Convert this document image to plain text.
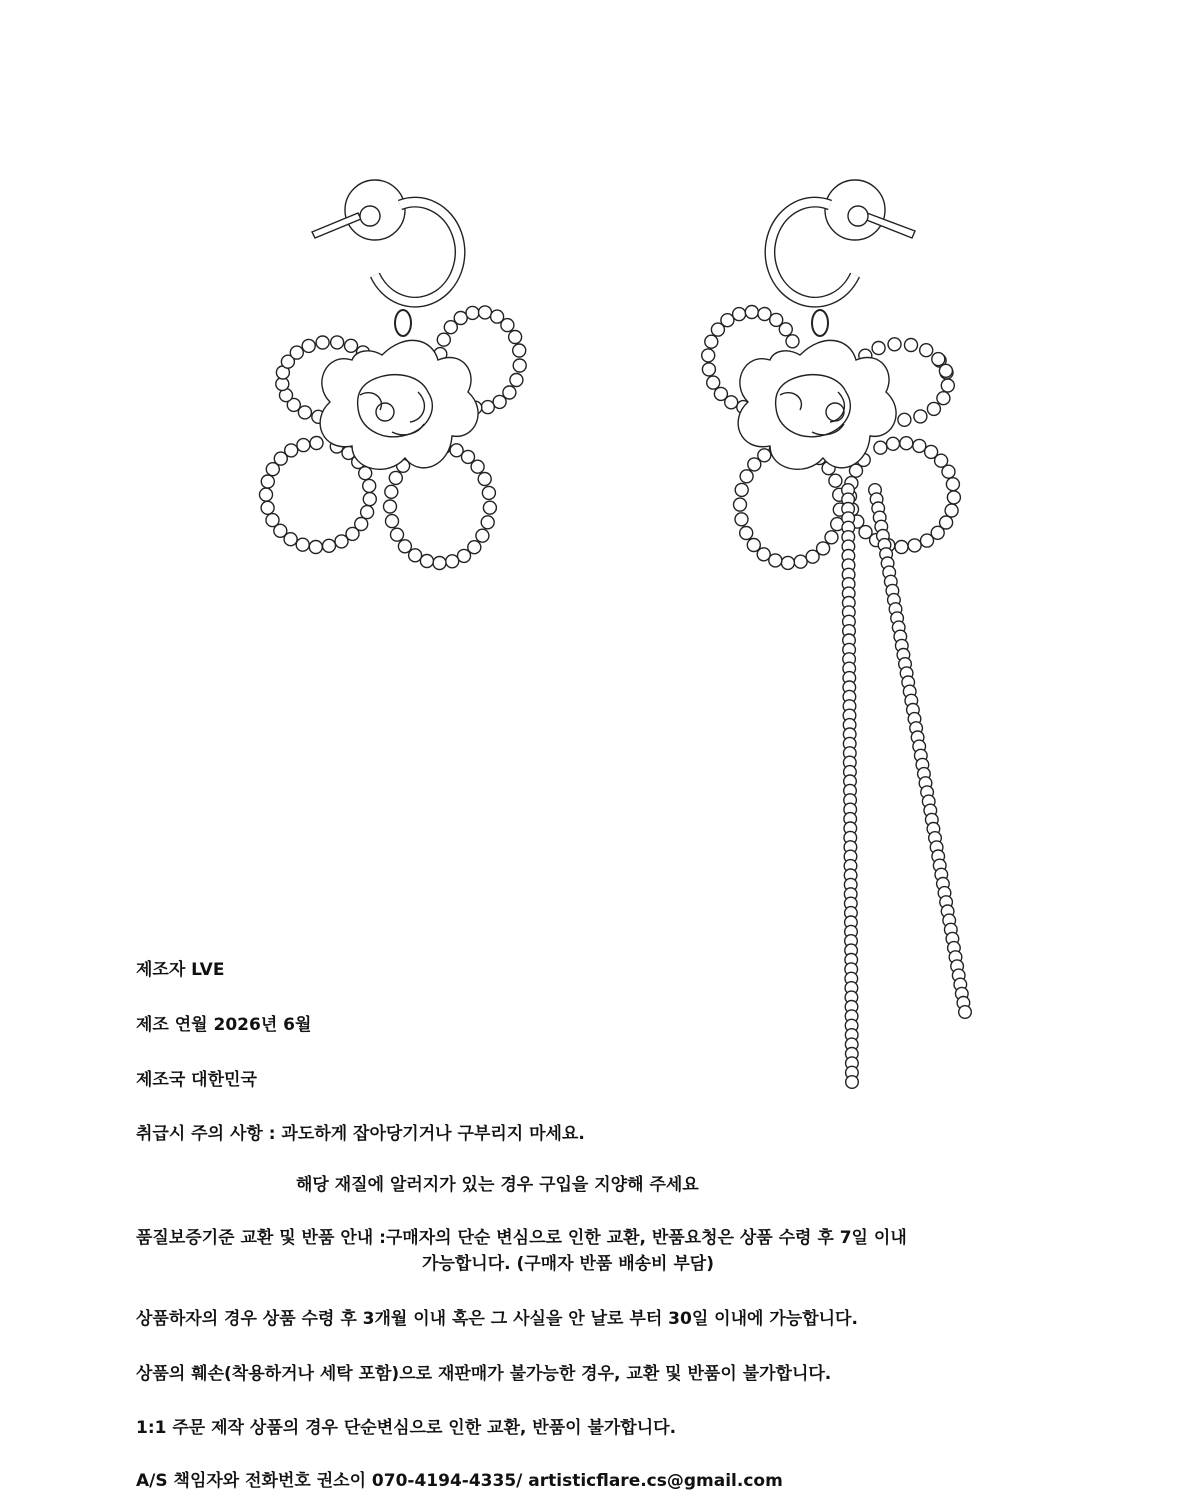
제조자 LVE

제조 연월 2026년 6월

제조국 대한민국

취급시 주의 사항 : 과도하게 잡아당기거나 구부리지 마세요.

해당 재질에 알러지가 있는 경우 구입을 지양해 주세요

품질보증기준 교환 및 반품 안내 :구매자의 단순 변심으로 인한 교환, 반품요청은 상품 수령 후 7일 이내

가능합니다. (구매자 반품 배송비 부담)

상품하자의 경우 상품 수령 후 3개월 이내 혹은 그 사실을 안 날로 부터 30일 이내에 가능합니다.

상품의 훼손(착용하거나 세탁 포함)으로 재판매가 불가능한 경우, 교환 및 반품이 불가합니다.

1:1 주문 제작 상품의 경우 단순변심으로 인한 교환, 반품이 불가합니다.

A/S 책임자와 전화번호 권소이 070-4194-4335/ artisticflare.cs@gmail.com
